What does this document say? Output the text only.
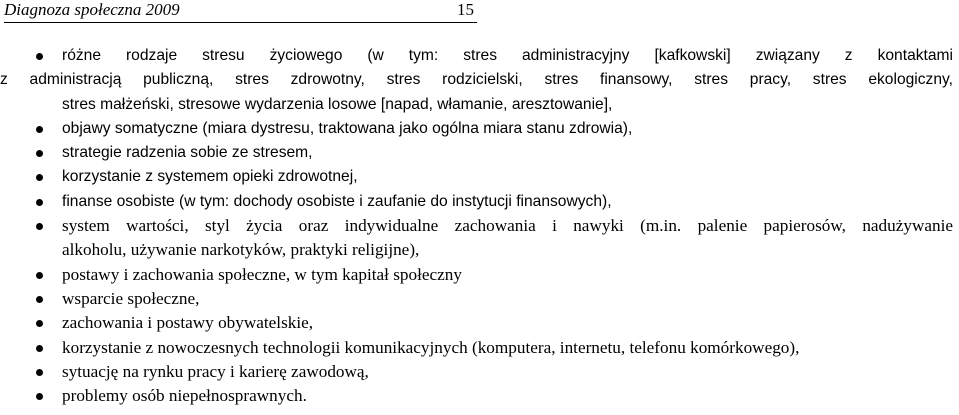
Diagnoza społeczna 2009	15
różne rodzaje stresu życiowego (w tym: stres administracyjny [kafkowski] związany z kontaktami
z administracją publiczną, stres zdrowotny, stres rodzicielski, stres finansowy, stres pracy, stres ekologiczny,
stres małżeński, stresowe wydarzenia losowe [napad, włamanie, aresztowanie],
objawy somatyczne (miara dystresu, traktowana jako ogólna miara stanu zdrowia),
strategie radzenia sobie ze stresem,
korzystanie z systemem opieki zdrowotnej,
finanse osobiste (w tym: dochody osobiste i zaufanie do instytucji finansowych),
system wartości, styl życia oraz indywidualne zachowania i nawyki (m.in. palenie papierosów, nadużywanie
alkoholu, używanie narkotyków, praktyki religijne),
postawy i zachowania społeczne, w tym kapitał społeczny
wsparcie społeczne,
zachowania i postawy obywatelskie,
korzystanie z nowoczesnych technologii komunikacyjnych (komputera, internetu, telefonu komórkowego),
sytuację na rynku pracy i karierę zawodową,
problemy osób niepełnosprawnych.
